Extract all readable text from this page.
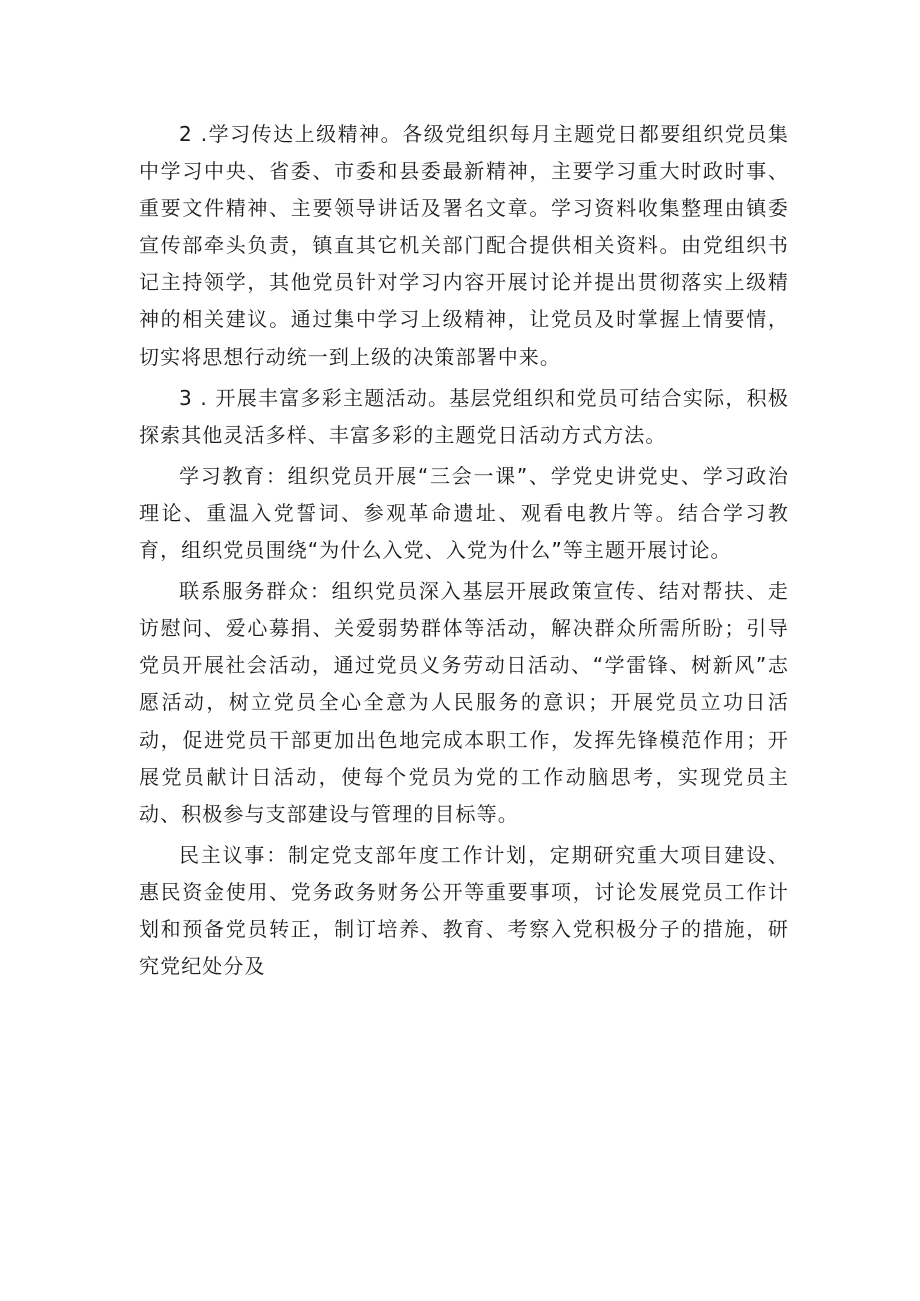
2 .学习传达上级精神。各级党组织每月主题党日都要组织党员集中学习中央、省委、市委和县委最新精神，主要学习重大时政时事、重要文件精神、主要领导讲话及署名文章。学习资料收集整理由镇委宣传部牵头负责，镇直其它机关部门配合提供相关资料。由党组织书记主持领学，其他党员针对学习内容开展讨论并提出贯彻落实上级精神的相关建议。通过集中学习上级精神，让党员及时掌握上情要情，切实将思想行动统一到上级的决策部署中来。

3 . 开展丰富多彩主题活动。基层党组织和党员可结合实际，积极探索其他灵活多样、丰富多彩的主题党日活动方式方法。

学习教育：组织党员开展“三会一课”、学党史讲党史、学习政治理论、重温入党誓词、参观革命遗址、观看电教片等。结合学习教育，组织党员围绕“为什么入党、入党为什么”等主题开展讨论。

联系服务群众：组织党员深入基层开展政策宣传、结对帮扶、走访慰问、爱心募捐、关爱弱势群体等活动，解决群众所需所盼；引导党员开展社会活动，通过党员义务劳动日活动、“学雷锋、树新风”志愿活动，树立党员全心全意为人民服务的意识；开展党员立功日活动，促进党员干部更加出色地完成本职工作，发挥先锋模范作用；开展党员献计日活动，使每个党员为党的工作动脑思考，实现党员主动、积极参与支部建设与管理的目标等。

民主议事：制定党支部年度工作计划，定期研究重大项目建设、惠民资金使用、党务政务财务公开等重要事项，讨论发展党员工作计划和预备党员转正，制订培养、教育、考察入党积极分子的措施，研究党纪处分及
